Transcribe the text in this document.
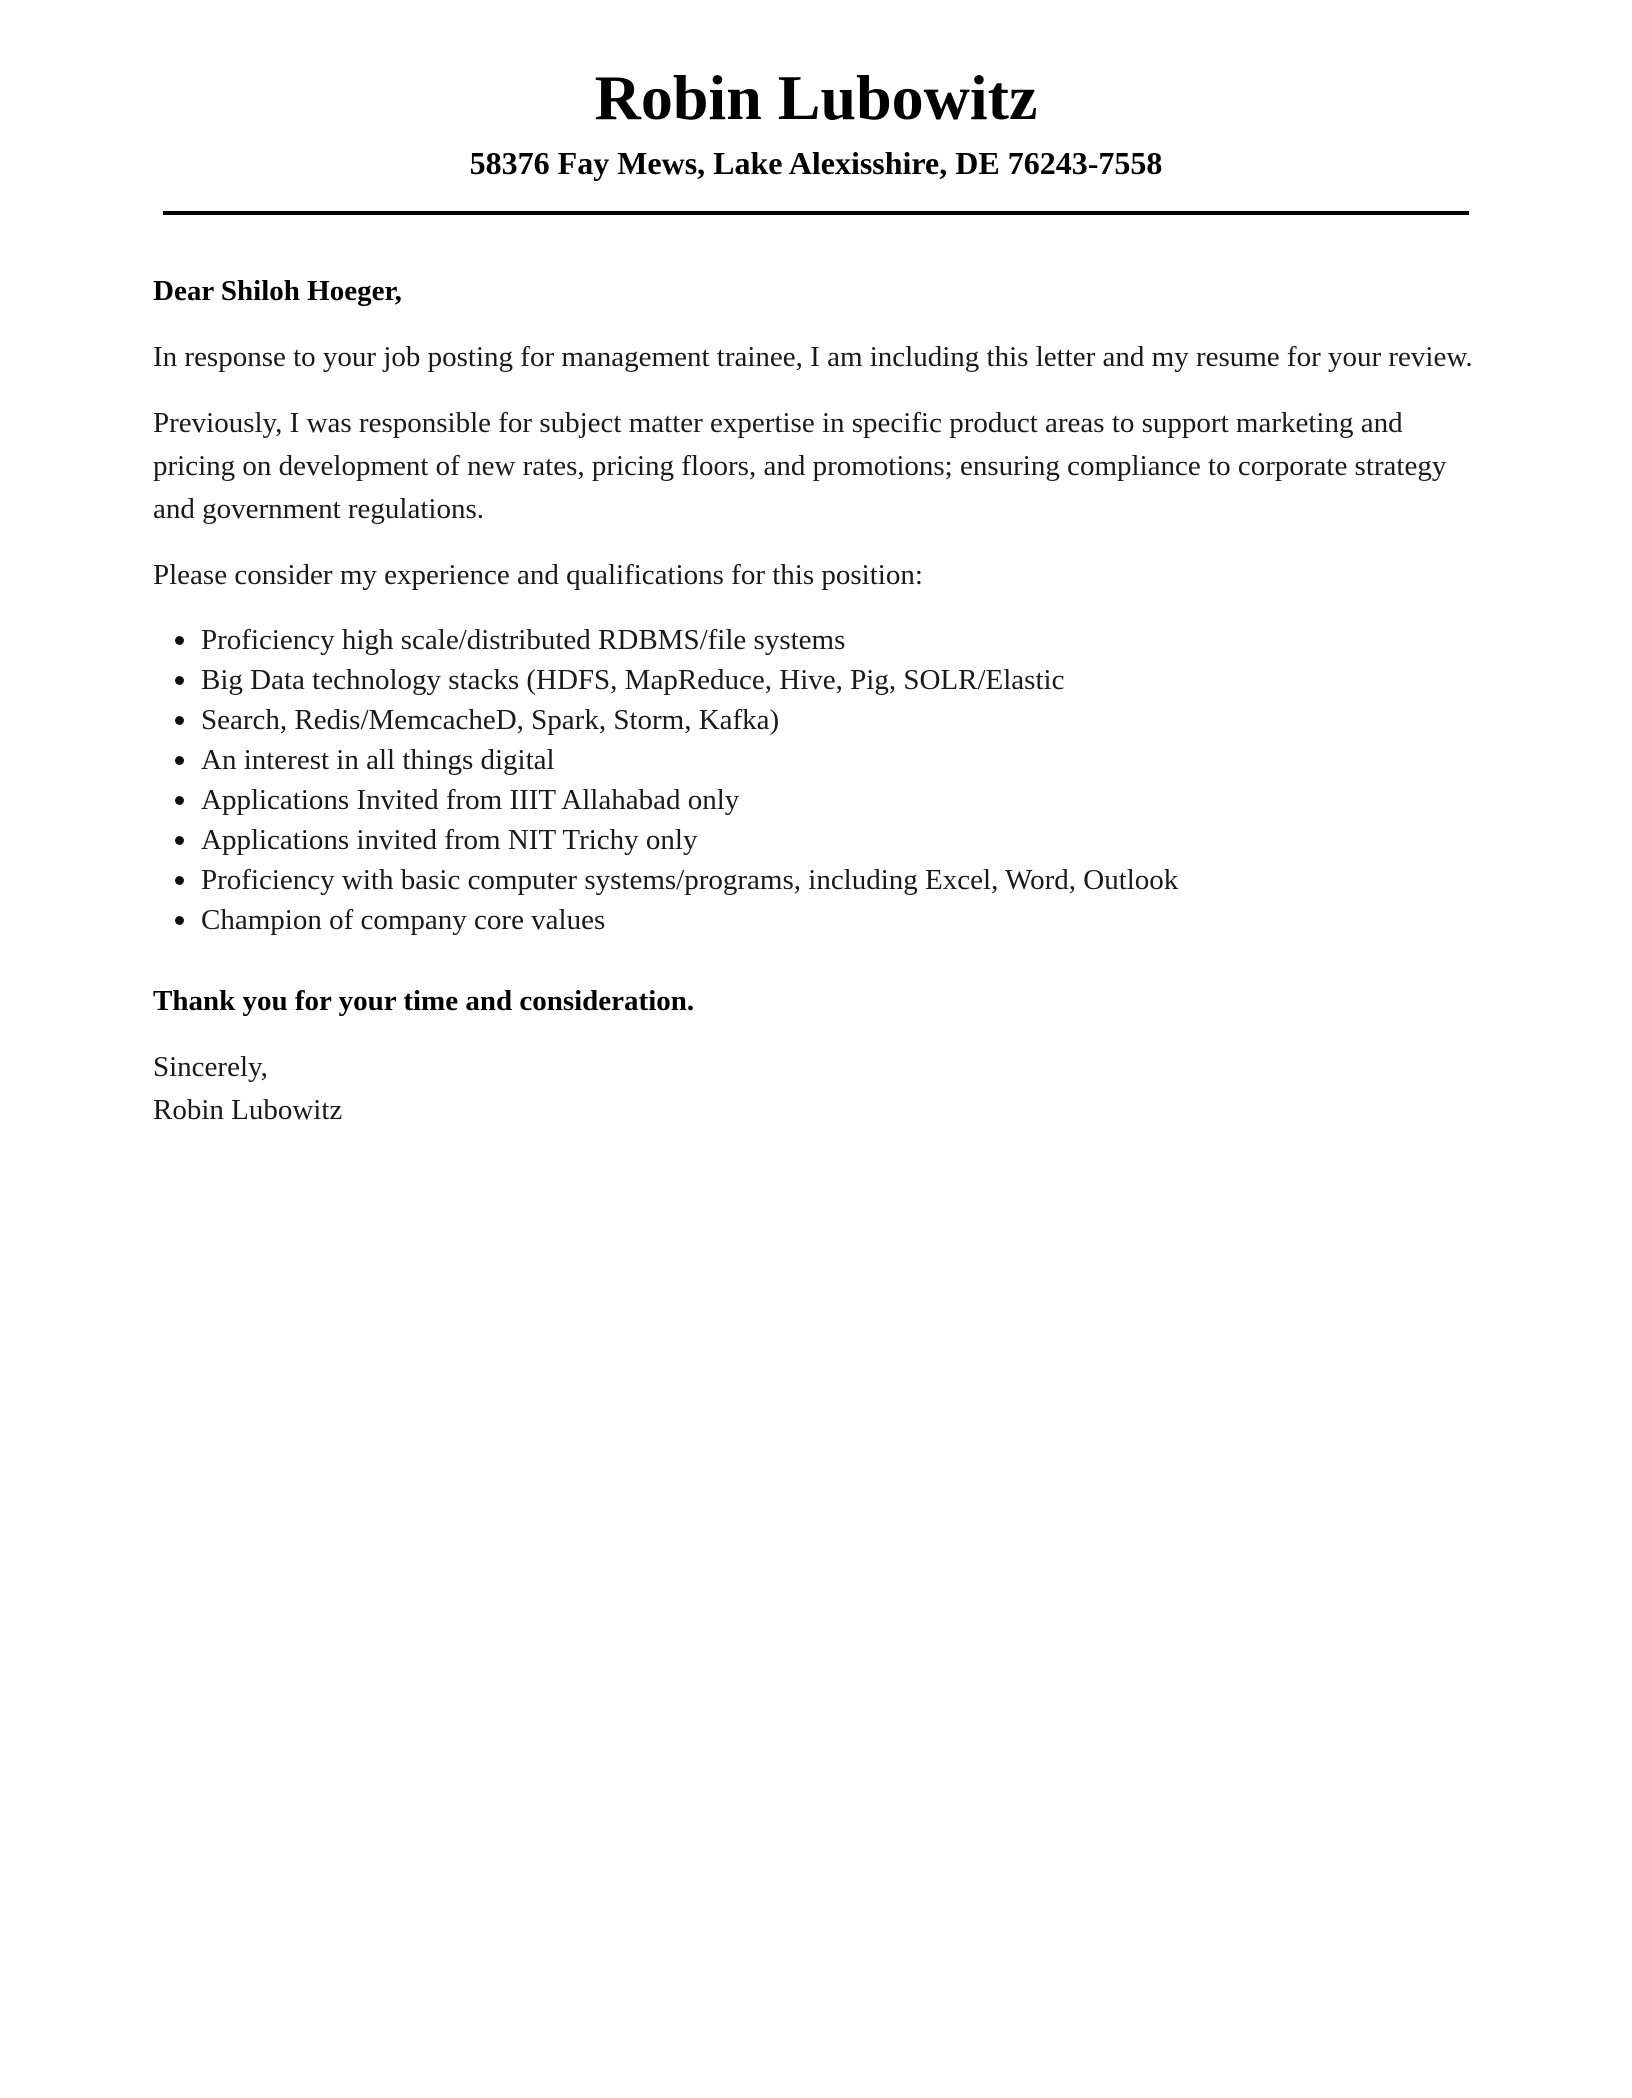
Robin Lubowitz
58376 Fay Mews, Lake Alexisshire, DE 76243-7558
Dear Shiloh Hoeger,

In response to your job posting for management trainee, I am including this letter and my resume for your review.

Previously, I was responsible for subject matter expertise in specific product areas to support marketing and pricing on development of new rates, pricing floors, and promotions; ensuring compliance to corporate strategy and government regulations.

Please consider my experience and qualifications for this position:

Proficiency high scale/distributed RDBMS/file systems
Big Data technology stacks (HDFS, MapReduce, Hive, Pig, SOLR/Elastic
Search, Redis/MemcacheD, Spark, Storm, Kafka)
An interest in all things digital
Applications Invited from IIIT Allahabad only
Applications invited from NIT Trichy only
Proficiency with basic computer systems/programs, including Excel, Word, Outlook
Champion of company core values
Thank you for your time and consideration.

Sincerely,

Robin Lubowitz
